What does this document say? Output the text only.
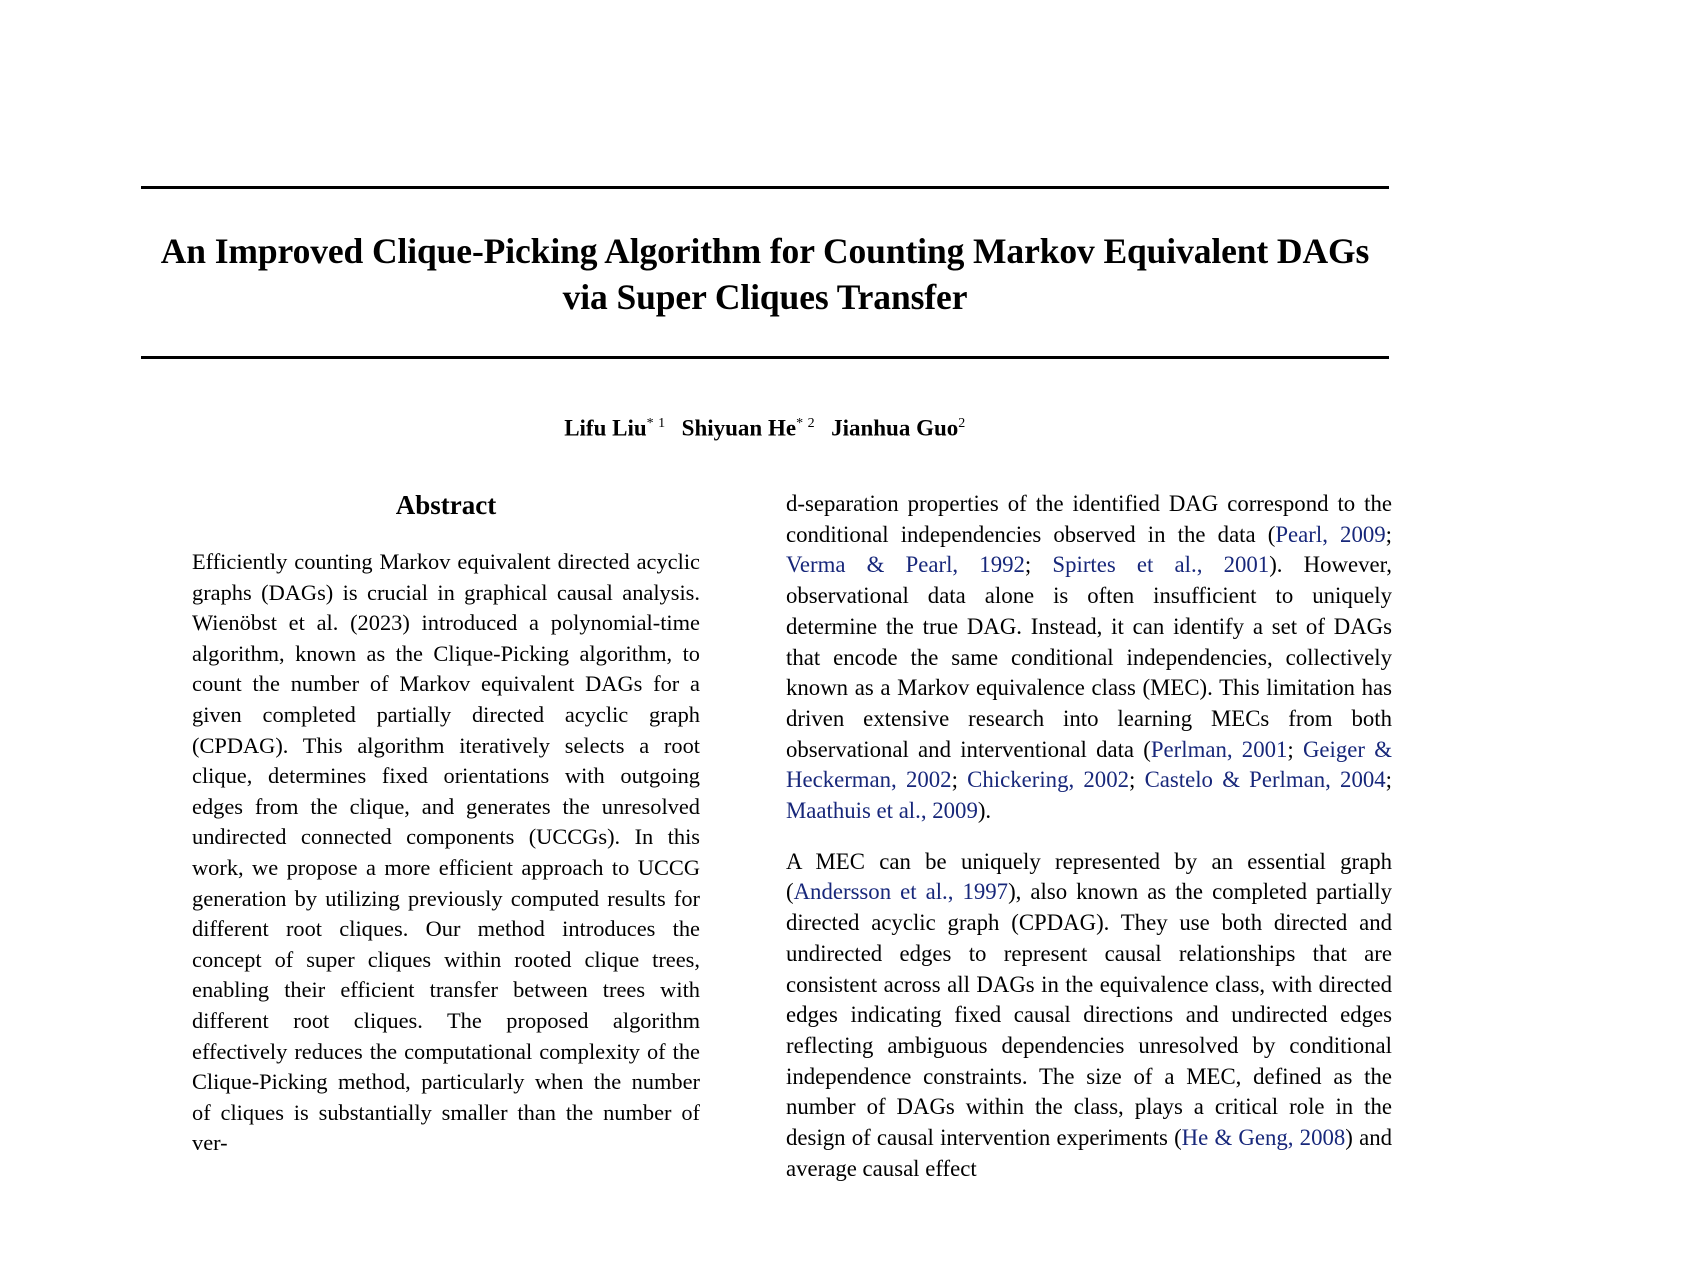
An Improved Clique-Picking Algorithm for Counting Markov Equivalent DAGs via Super Cliques Transfer
Lifu Liu$^{* 1}$ Shiyuan He$^{* 2}$ Jianhua Guo$^2$
Abstract

Efficiently counting Markov equivalent directed acyclic graphs (DAGs) is crucial in graphical causal analysis. Wienöbst et al. (2023) introduced a polynomial-time algorithm, known as the Clique-Picking algorithm, to count the number of Markov equivalent DAGs for a given completed partially directed acyclic graph (CPDAG). This algorithm iteratively selects a root clique, determines fixed orientations with outgoing edges from the clique, and generates the unresolved undirected connected components (UCCGs). In this work, we propose a more efficient approach to UCCG generation by utilizing previously computed results for different root cliques. Our method introduces the concept of super cliques within rooted clique trees, enabling their efficient transfer between trees with different root cliques. The proposed algorithm effectively reduces the computational complexity of the Clique-Picking method, particularly when the number of cliques is substantially smaller than the number of ver-

d-separation properties of the identified DAG correspond to the conditional independencies observed in the data (Pearl, 2009; Verma & Pearl, 1992; Spirtes et al., 2001). However, observational data alone is often insufficient to uniquely determine the true DAG. Instead, it can identify a set of DAGs that encode the same conditional independencies, collectively known as a Markov equivalence class (MEC). This limitation has driven extensive research into learning MECs from both observational and interventional data (Perlman, 2001; Geiger & Heckerman, 2002; Chickering, 2002; Castelo & Perlman, 2004; Maathuis et al., 2009).

A MEC can be uniquely represented by an essential graph (Andersson et al., 1997), also known as the completed partially directed acyclic graph (CPDAG). They use both directed and undirected edges to represent causal relationships that are consistent across all DAGs in the equivalence class, with directed edges indicating fixed causal directions and undirected edges reflecting ambiguous dependencies unresolved by conditional independence constraints. The size of a MEC, defined as the number of DAGs within the class, plays a critical role in the design of causal intervention experiments (He & Geng, 2008) and average causal effect
